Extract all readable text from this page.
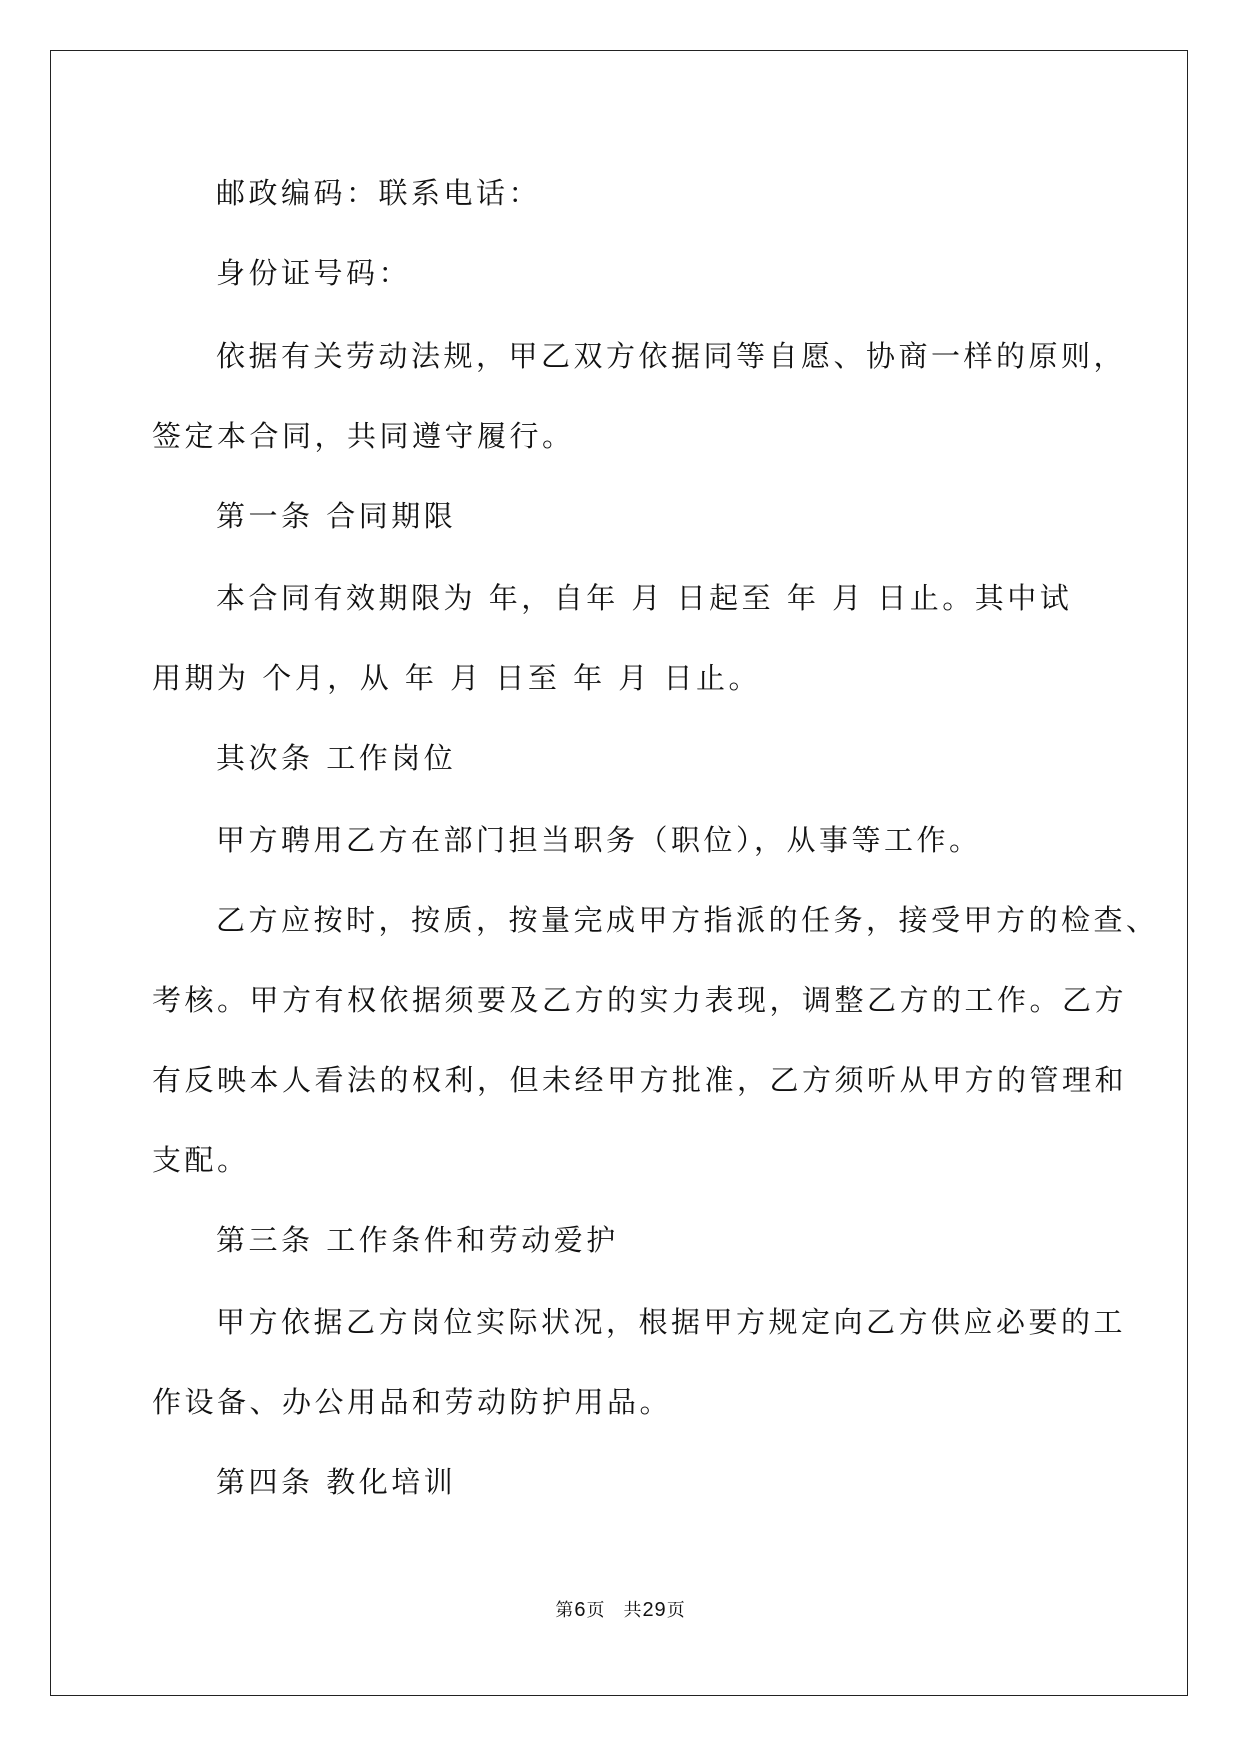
邮政编码：联系电话：

身份证号码：

依据有关劳动法规，甲乙双方依据同等自愿、协商一样的原则，

签定本合同，共同遵守履行。

第一条 合同期限

本合同有效期限为 年，自年 月 日起至 年 月 日止。其中试

用期为 个月，从 年 月 日至 年 月 日止。

其次条 工作岗位

甲方聘用乙方在部门担当职务（职位），从事等工作。

乙方应按时，按质，按量完成甲方指派的任务，接受甲方的检查、

考核。甲方有权依据须要及乙方的实力表现，调整乙方的工作。乙方

有反映本人看法的权利，但未经甲方批准，乙方须听从甲方的管理和

支配。

第三条 工作条件和劳动爱护

甲方依据乙方岗位实际状况，根据甲方规定向乙方供应必要的工

作设备、办公用品和劳动防护用品。

第四条 教化培训

第6页 共29页
